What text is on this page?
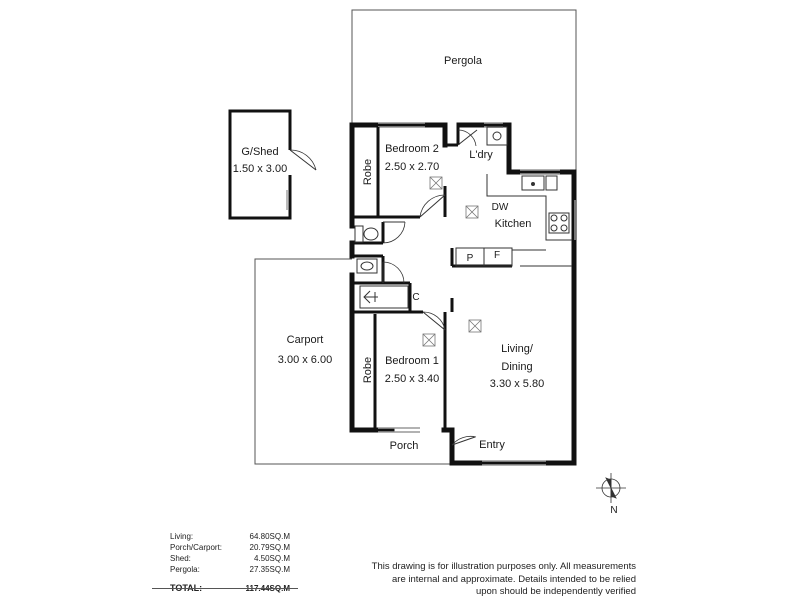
Pergola
G/Shed
1.50 x 3.00
Bedroom 2
2.50 x 2.70
Robe
L'dry
DW
Kitchen
P F
Carport
3.00 x 6.00
C
Robe Bedroom 1
2.50 x 3.40
Living/
Dining
3.30 x 5.80
Porch	Entry
N
Living:	64.80SQ.M
Porch/Carport:	20.79SQ.M
Shed:	4.50SQ.M
Pergola:	27.35SQ.M
TOTAL:	117.44SQ.M
This drawing is for illustration purposes only. All measurements
are internal and approximate. Details intended to be relied
upon should be independently verified
